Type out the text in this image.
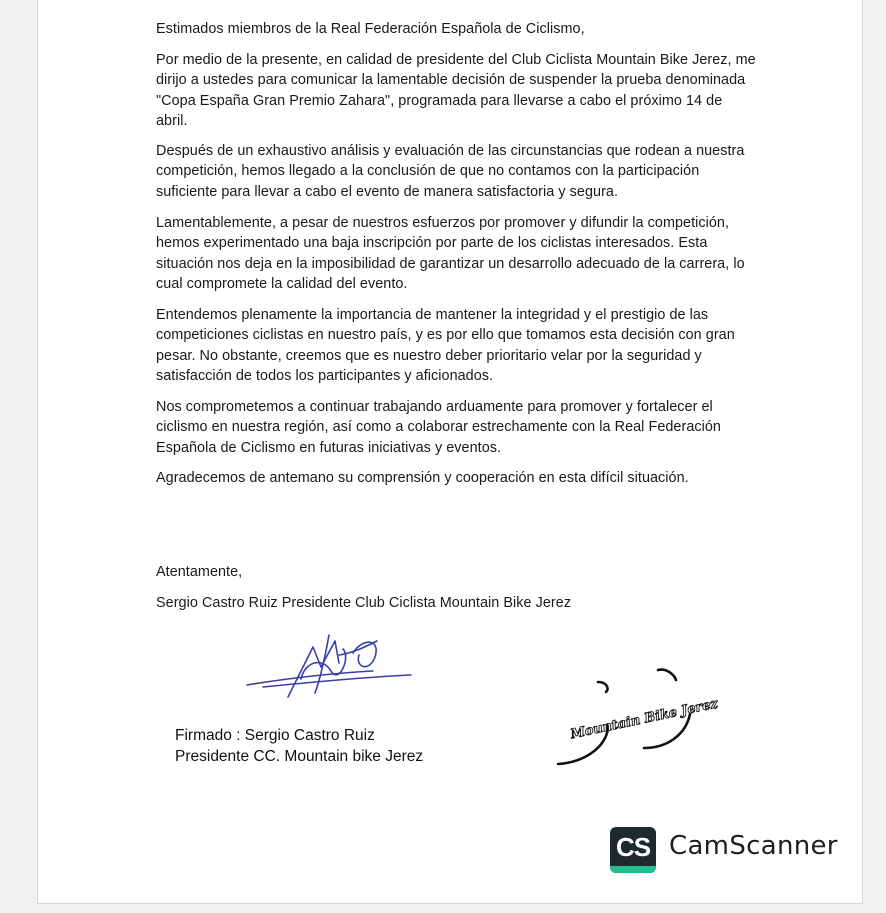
Estimados miembros de la Real Federación Española de Ciclismo,

Por medio de la presente, en calidad de presidente del Club Ciclista Mountain Bike Jerez, me dirijo a ustedes para comunicar la lamentable decisión de suspender la prueba denominada "Copa España Gran Premio Zahara", programada para llevarse a cabo el próximo 14 de abril.

Después de un exhaustivo análisis y evaluación de las circunstancias que rodean a nuestra competición, hemos llegado a la conclusión de que no contamos con la participación suficiente para llevar a cabo el evento de manera satisfactoria y segura.

Lamentablemente, a pesar de nuestros esfuerzos por promover y difundir la competición, hemos experimentado una baja inscripción por parte de los ciclistas interesados. Esta situación nos deja en la imposibilidad de garantizar un desarrollo adecuado de la carrera, lo cual compromete la calidad del evento.

Entendemos plenamente la importancia de mantener la integridad y el prestigio de las competiciones ciclistas en nuestro país, y es por ello que tomamos esta decisión con gran pesar. No obstante, creemos que es nuestro deber prioritario velar por la seguridad y satisfacción de todos los participantes y aficionados.

Nos comprometemos a continuar trabajando arduamente para promover y fortalecer el ciclismo en nuestra región, así como a colaborar estrechamente con la Real Federación Española de Ciclismo en futuras iniciativas y eventos.

Agradecemos de antemano su comprensión y cooperación en esta difícil situación.

Atentamente,

Sergio Castro Ruiz Presidente Club Ciclista Mountain Bike Jerez

Firmado : Sergio Castro Ruiz
Presidente CC. Mountain bike Jerez
Mountain Bike Jerez
CS CamScanner
